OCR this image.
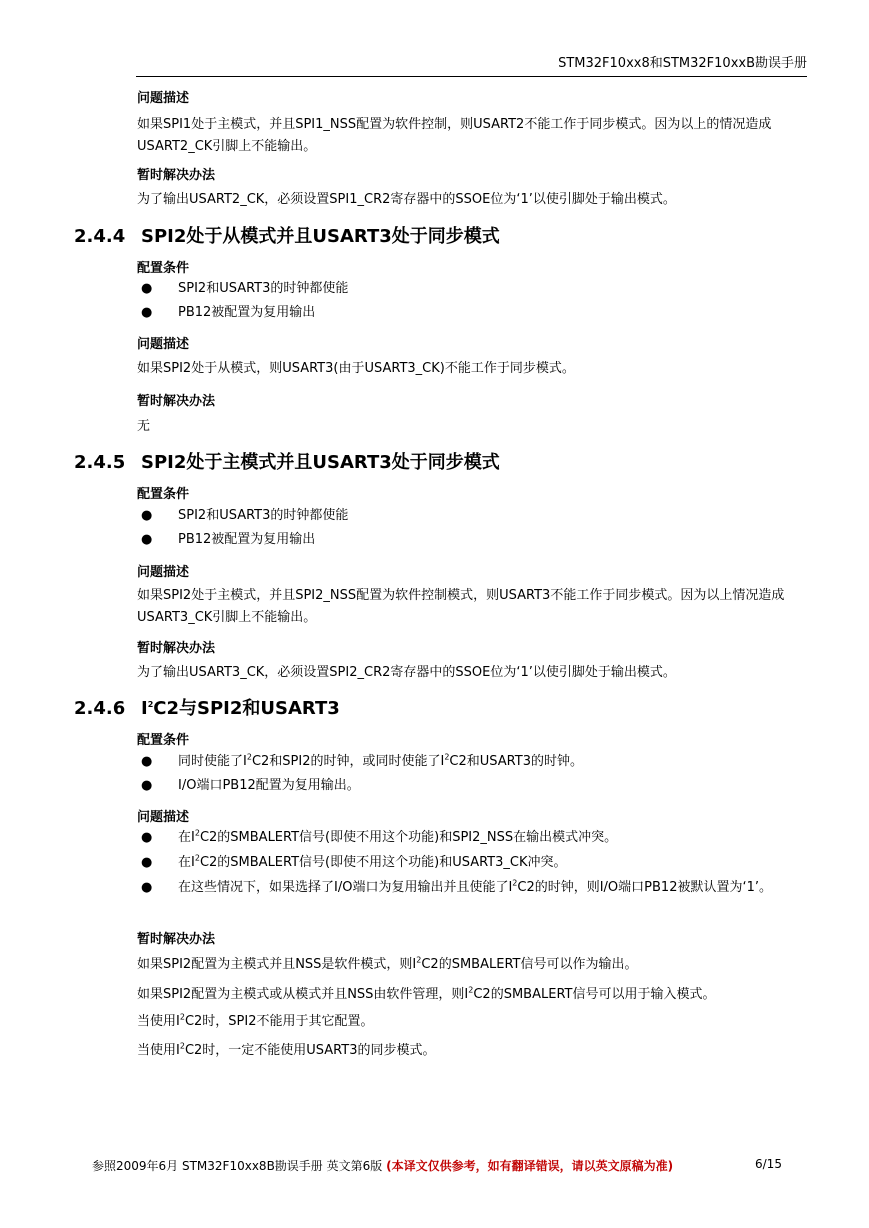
STM32F10xx8和STM32F10xxB勘误手册
问题描述
如果SPI1处于主模式，并且SPI1_NSS配置为软件控制，则USART2不能工作于同步模式。因为以上的情况造成USART2_CK引脚上不能输出。
暂时解决办法
为了输出USART2_CK，必须设置SPI1_CR2寄存器中的SSOE位为‘1’以使引脚处于输出模式。
2.4.4 SPI2处于从模式并且USART3处于同步模式
配置条件
● SPI2和USART3的时钟都使能
● PB12被配置为复用输出
问题描述
如果SPI2处于从模式，则USART3(由于USART3_CK)不能工作于同步模式。
暂时解决办法
无
2.4.5 SPI2处于主模式并且USART3处于同步模式
配置条件
● SPI2和USART3的时钟都使能
● PB12被配置为复用输出
问题描述
如果SPI2处于主模式，并且SPI2_NSS配置为软件控制模式，则USART3不能工作于同步模式。因为以上情况造成USART3_CK引脚上不能输出。
暂时解决办法
为了输出USART3_CK，必须设置SPI2_CR2寄存器中的SSOE位为‘1’以使引脚处于输出模式。
2.4.6 $I^2C2$与SPI2和USART3
配置条件
● 同时使能了$I^2C2$和SPI2的时钟，或同时使能了$I^2C2$和USART3的时钟。
● I/O端口PB12配置为复用输出。
问题描述
● 在$I^2C2$的SMBALERT信号(即使不用这个功能)和SPI2_NSS在输出模式冲突。
● 在$I^2C2$的SMBALERT信号(即使不用这个功能)和USART3_CK冲突。
● 在这些情况下，如果选择了I/O端口为复用输出并且使能了$I^2C2$的时钟，则I/O端口PB12被默认置为‘1’。
暂时解决办法
如果SPI2配置为主模式并且NSS是软件模式，则$I^2C2$的SMBALERT信号可以作为输出。
如果SPI2配置为主模式或从模式并且NSS由软件管理，则$I^2C2$的SMBALERT信号可以用于输入模式。
当使用$I^2C2$时，SPI2不能用于其它配置。
当使用$I^2C2$时，一定不能使用USART3的同步模式。
参照2009年6月 STM32F10xx8B勘误手册 英文第6版 (本译文仅供参考，如有翻译错误，请以英文原稿为准)	6/15
